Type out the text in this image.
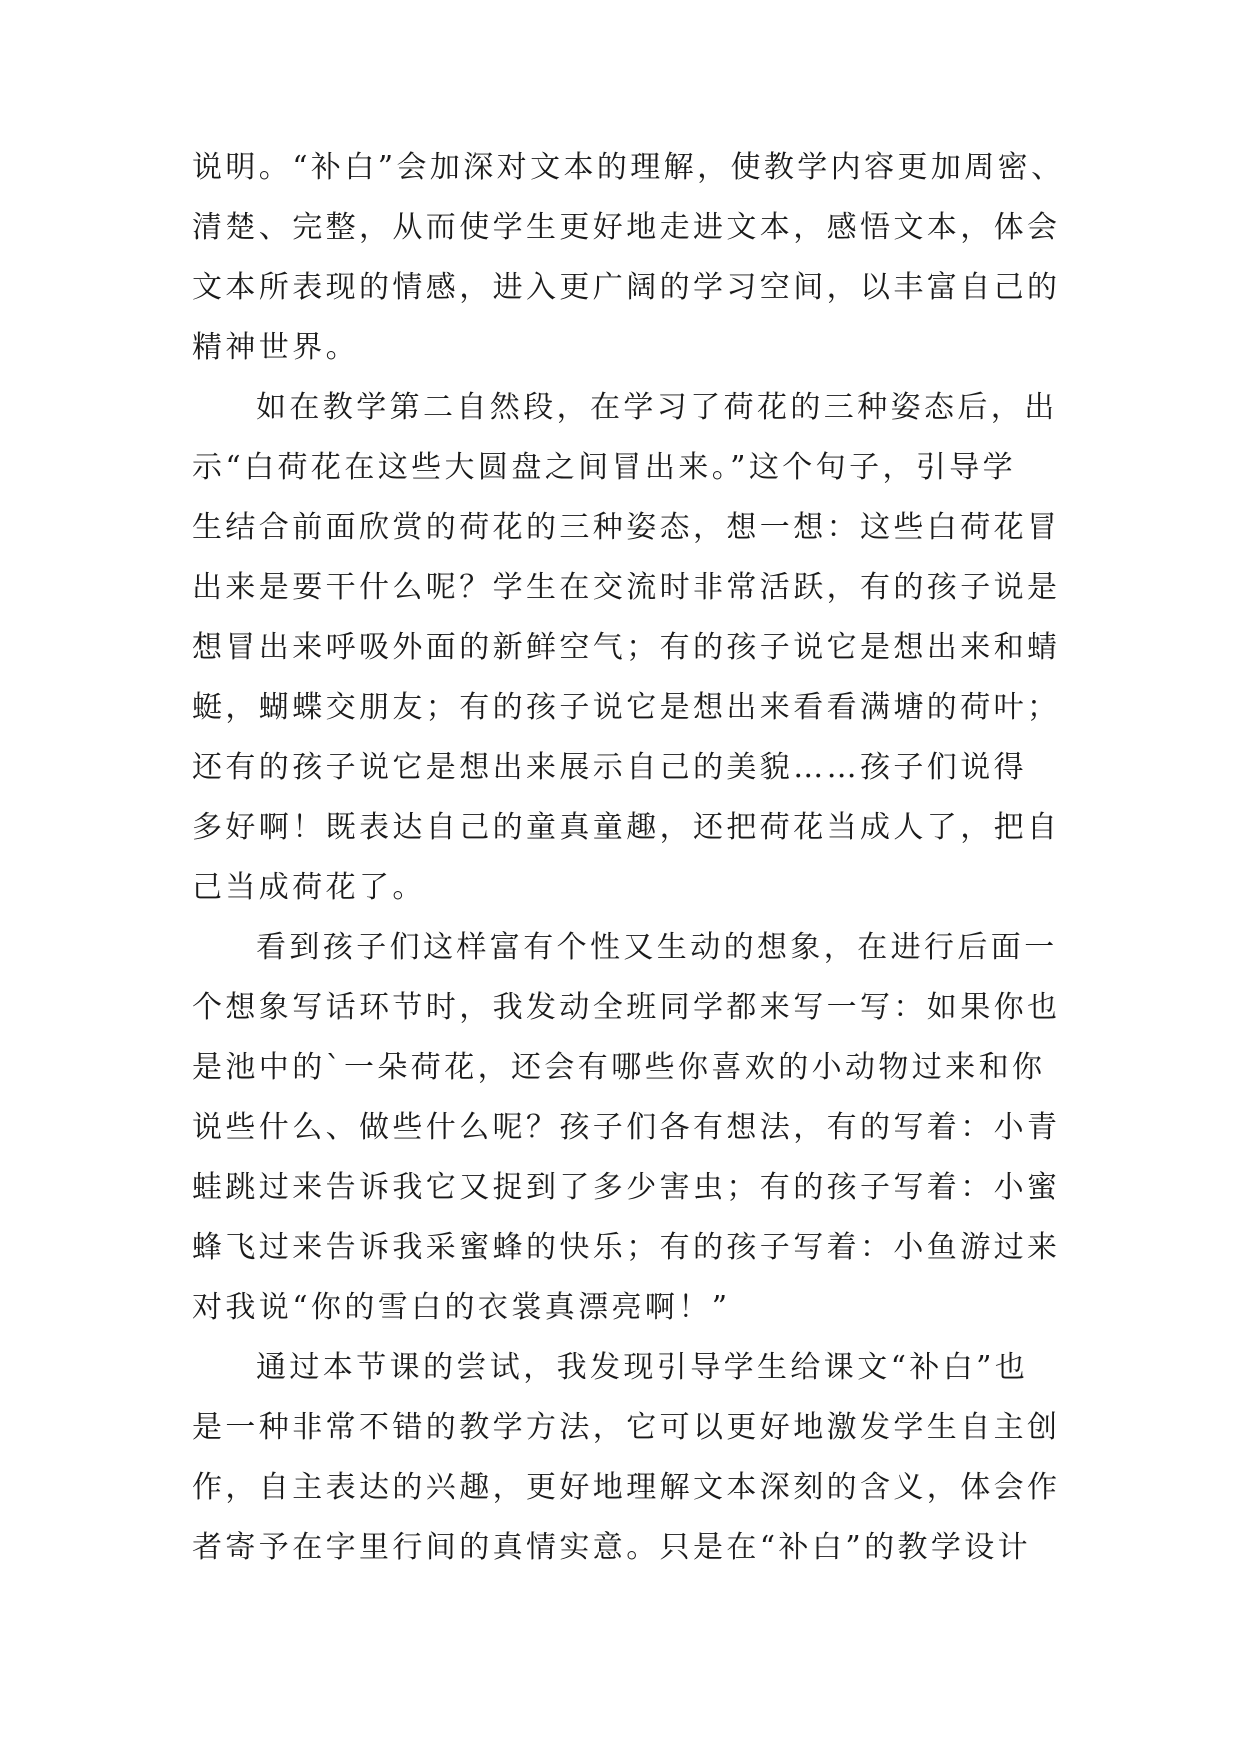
说明。“补白”会加深对文本的理解，使教学内容更加周密、
清楚、完整，从而使学生更好地走进文本，感悟文本，体会
文本所表现的情感，进入更广阔的学习空间，以丰富自己的
精神世界。
如在教学第二自然段，在学习了荷花的三种姿态后，出
示“白荷花在这些大圆盘之间冒出来。”这个句子，引导学
生结合前面欣赏的荷花的三种姿态，想一想：这些白荷花冒
出来是要干什么呢？学生在交流时非常活跃，有的孩子说是
想冒出来呼吸外面的新鲜空气；有的孩子说它是想出来和蜻
蜓，蝴蝶交朋友；有的孩子说它是想出来看看满塘的荷叶；
还有的孩子说它是想出来展示自己的美貌……孩子们说得
多好啊！既表达自己的童真童趣，还把荷花当成人了，把自
己当成荷花了。
看到孩子们这样富有个性又生动的想象，在进行后面一
个想象写话环节时，我发动全班同学都来写一写：如果你也
是池中的`一朵荷花，还会有哪些你喜欢的小动物过来和你
说些什么、做些什么呢？孩子们各有想法，有的写着：小青
蛙跳过来告诉我它又捉到了多少害虫；有的孩子写着：小蜜
蜂飞过来告诉我采蜜蜂的快乐；有的孩子写着：小鱼游过来
对我说“你的雪白的衣裳真漂亮啊！”
通过本节课的尝试，我发现引导学生给课文“补白”也
是一种非常不错的教学方法，它可以更好地激发学生自主创
作，自主表达的兴趣，更好地理解文本深刻的含义，体会作
者寄予在字里行间的真情实意。只是在“补白”的教学设计
